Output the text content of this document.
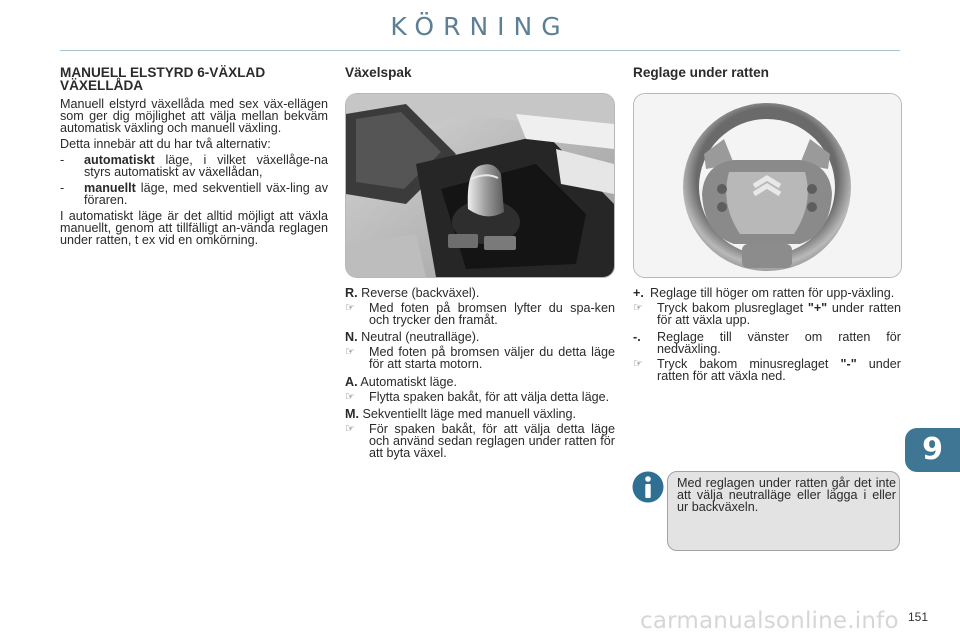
KÖRNING
MANUELL ELSTYRD 6-VÄXLAD VÄXELLÅDA

Manuell elstyrd växellåda med sex väx-ellägen som ger dig möjlighet att välja mellan bekväm automatisk växling och manuell växling.

Detta innebär att du har två alternativ:

-	automatiskt läge, i vilket växellåge-na styrs automatiskt av växellådan,
-	manuellt läge, med sekventiell väx-ling av föraren.

I automatiskt läge är det alltid möjligt att växla manuellt, genom att tillfälligt an-vända reglagen under ratten, t ex vid en omkörning.

Växelspak
R. Reverse (backväxel).
☞	Med foten på bromsen lyfter du spa-ken och trycker den framåt.
N. Neutral (neutralläge).
☞	Med foten på bromsen väljer du detta läge för att starta motorn.
A. Automatiskt läge.
☞	Flytta spaken bakåt, för att välja detta läge.
M. Sekventiellt läge med manuell växling.
☞	För spaken bakåt, för att välja detta läge och använd sedan reglagen under ratten för att byta växel.
Reglage under ratten
+. Reglage till höger om ratten för upp-växling.
☞	Tryck bakom plusreglaget "+" under ratten för att växla upp.
-.	Reglage till vänster om ratten för nedväxling.
☞	Tryck bakom minusreglaget "-" under ratten för att växla ned.
Med reglagen under ratten går det inte att välja neutralläge eller lägga i eller ur backväxeln.
9
151
carmanualsonline.info
